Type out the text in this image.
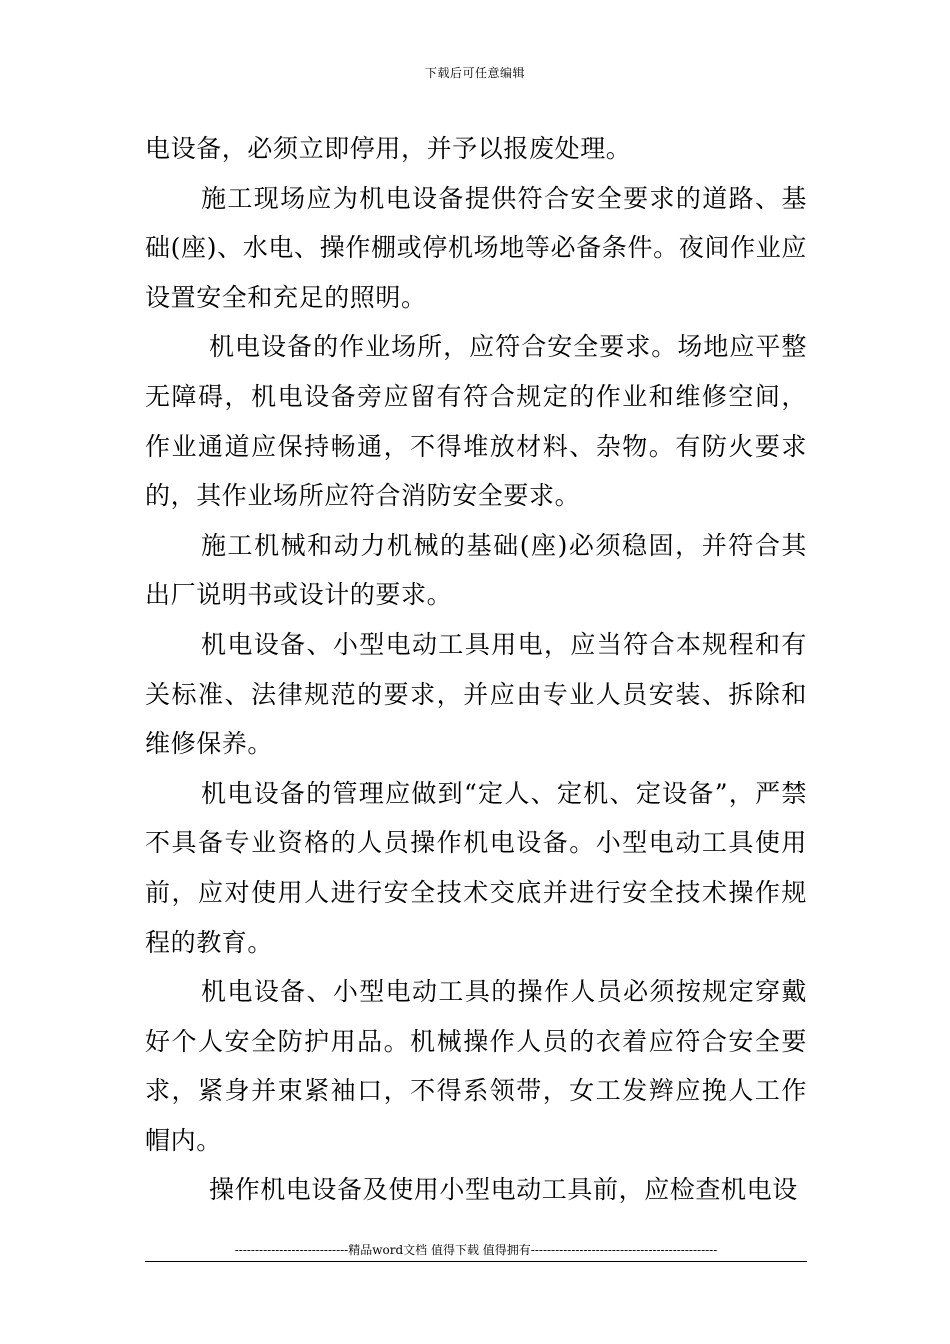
下载后可任意编辑

电设备，必须立即停用，并予以报废处理。

施工现场应为机电设备提供符合安全要求的道路、基础(座)、水电、操作棚或停机场地等必备条件。夜间作业应设置安全和充足的照明。

机电设备的作业场所，应符合安全要求。场地应平整无障碍，机电设备旁应留有符合规定的作业和维修空间，作业通道应保持畅通，不得堆放材料、杂物。有防火要求的，其作业场所应符合消防安全要求。

施工机械和动力机械的基础(座)必须稳固，并符合其出厂说明书或设计的要求。

机电设备、小型电动工具用电，应当符合本规程和有关标准、法律规范的要求，并应由专业人员安装、拆除和维修保养。

机电设备的管理应做到“定人、定机、定设备”，严禁不具备专业资格的人员操作机电设备。小型电动工具使用前，应对使用人进行安全技术交底并进行安全技术操作规程的教育。

机电设备、小型电动工具的操作人员必须按规定穿戴好个人安全防护用品。机械操作人员的衣着应符合安全要求，紧身并束紧袖口，不得系领带，女工发辫应挽人工作帽内。

操作机电设备及使用小型电动工具前，应检查机电设

----------------------------精品word文档 值得下载 值得拥有----------------------------------------------
